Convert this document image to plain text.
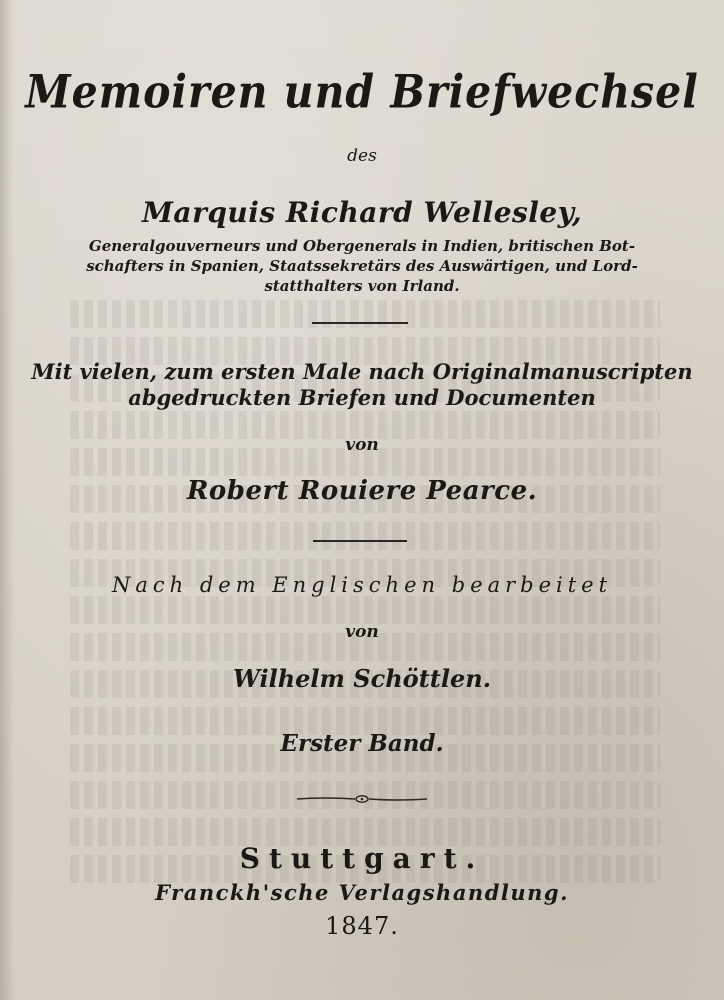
Memoiren und Briefwechsel
des
Marquis Richard Wellesley,
Generalgouverneurs und Obergenerals in Indien, britischen Bot-
schafters in Spanien, Staatssekretärs des Auswärtigen, und Lord-
statthalters von Irland.
Mit vielen, zum ersten Male nach Originalmanuscripten
abgedruckten Briefen und Documenten
von
Robert Rouiere Pearce.
Nach dem Englischen bearbeitet
von
Wilhelm Schöttlen.
Erster Band.
Stuttgart.
Franckh'sche Verlagshandlung.
1847.
